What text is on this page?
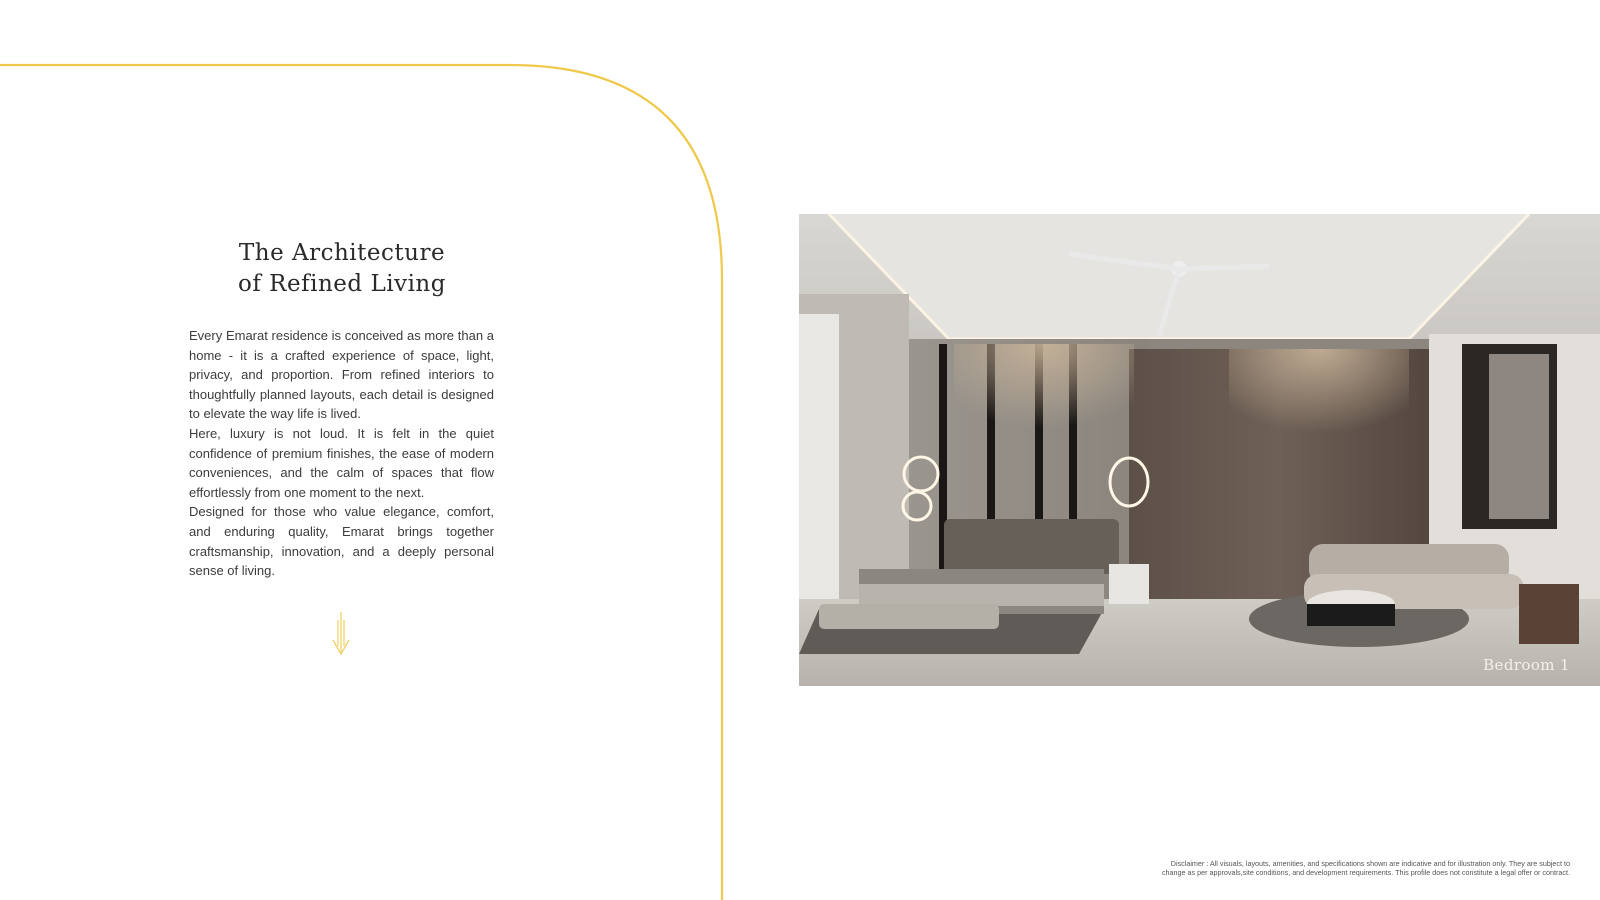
The Architecture
of Refined Living

Every Emarat residence is conceived as more than a home - it is a crafted experience of space, light, privacy, and proportion. From refined interiors to thoughtfully planned layouts, each detail is designed to elevate the way life is lived.

Here, luxury is not loud. It is felt in the quiet confidence of premium finishes, the ease of modern conveniences, and the calm of spaces that flow effortlessly from one moment to the next.

Designed for those who value elegance, comfort, and enduring quality, Emarat brings together craftsmanship, innovation, and a deeply personal sense of living.

Bedroom 1
Disclaimer : All visuals, layouts, amenities, and specifications shown are indicative and for illustration only. They are subject to
change as per approvals,site conditions, and development requirements. This profile does not constitute a legal offer or contract.
